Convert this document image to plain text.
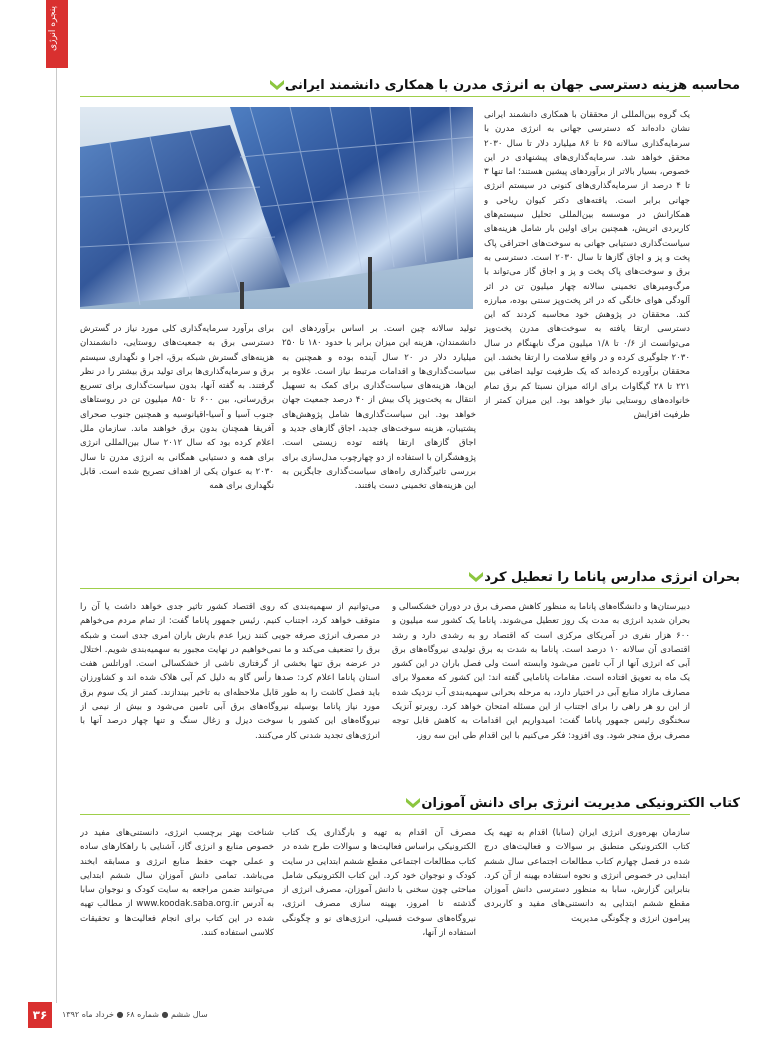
پنجره انرژی
محاسبه هزینه دسترسی جهان به انرژی مدرن با همکاری دانشمند ایرانی
یک گروه بین‌المللی از محققان با همکاری دانشمند ایرانی نشان داده‌اند که دسترسی جهانی به انرژی مدرن با سرمایه‌گذاری سالانه ۶۵ تا ۸۶ میلیارد دلار تا سال ۲۰۳۰ محقق خواهد شد. سرمایه‌گذاری‌های پیشنهادی در این خصوص، بسیار بالاتر از برآوردهای پیشین هستند؛ اما تنها ۳ تا ۴ درصد از سرمایه‌گذاری‌های کنونی در سیستم انرژی جهانی برابر است. یافته‌های دکتر کیوان ریاحی و همکارانش در موسسه بین‌المللی تحلیل سیستم‌های کاربردی اتریش، همچنین برای اولین بار شامل هزینه‌های سیاست‌گذاری دستیابی جهانی به سوخت‌های احتراقی پاک پخت و پز و اجاق گازها تا سال ۲۰۳۰ است. دسترسی به برق و سوخت‌های پاک پخت و پز و اجاق گاز می‌تواند با مرگ‌ومیرهای تخمینی سالانه چهار میلیون تن در اثر آلودگی هوای خانگی که در اثر پخت‌وپز سنتی بوده، مبارزه کند. محققان در پژوهش خود محاسبه کردند که این دسترسی ارتقا یافته به سوخت‌های مدرن پخت‌وپز می‌توانست از ۰/۶ تا ۱/۸ میلیون مرگ نابهنگام در سال ۲۰۳۰ جلوگیری کرده و در واقع سلامت را ارتقا بخشد. این محققان برآورده کرده‌اند که یک ظرفیت تولید اضافی بین ۲۲۱ تا ۲۸ گیگاوات برای ارائه میزان نسبتا کم برق تمام خانواده‌های روستایی نیاز خواهد بود. این میزان کمتر از ظرفیت افزایش
تولید سالانه چین است. بر اساس برآوردهای این دانشمندان، هزینه این میزان برابر با حدود ۱۸۰ تا ۲۵۰ میلیارد دلار در ۲۰ سال آینده بوده و همچنین به سیاست‌گذاری‌ها و اقدامات مرتبط نیاز است. علاوه بر این‌ها، هزینه‌های سیاست‌گذاری برای کمک به تسهیل انتقال به پخت‌وپز پاک بیش از ۴۰ درصد جمعیت جهان خواهد بود. این سیاست‌گذاری‌ها شامل پژوهش‌های پشتیبان، هزینه سوخت‌های جدید، اجاق گازهای جدید و اجاق گازهای ارتقا یافته توده زیستی است. پژوهشگران با استفاده از دو چهارچوب مدل‌سازی برای بررسی تاثیرگذاری راه‌های سیاست‌گذاری جایگزین به این هزینه‌های تخمینی دست یافتند.
برای برآورد سرمایه‌گذاری کلی مورد نیاز در گسترش دسترسی برق به جمعیت‌های روستایی، دانشمندان هزینه‌های گسترش شبکه برق، اجرا و نگهداری سیستم برق و سرمایه‌گذاری‌ها برای تولید برق بیشتر را در نظر گرفتند. به گفته آنها، بدون سیاست‌گذاری برای تسریع برق‌رسانی، بین ۶۰۰ تا ۸۵۰ میلیون تن در روستاهای جنوب آسیا و آسیا-اقیانوسیه و همچنین جنوب صحرای آفریقا همچنان بدون برق خواهند ماند. سازمان ملل اعلام کرده بود که سال ۲۰۱۲ سال بین‌المللی انرژی برای همه و دستیابی همگانی به انرژی مدرن تا سال ۲۰۳۰ به عنوان یکی از اهداف تصریح شده است. قابل نگهداری برای همه
بحران انرژی مدارس پاناما را تعطیل کرد
دبیرستان‌ها و دانشگاه‌های پاناما به منظور کاهش مصرف برق در دوران خشکسالی و بحران شدید انرژی به مدت یک روز تعطیل می‌شوند. پاناما یک کشور سه میلیون و ۶۰۰ هزار نفری در آمریکای مرکزی است که اقتصاد رو به رشدی دارد و رشد اقتصادی آن سالانه ۱۰ درصد است. پاناما به شدت به برق تولیدی نیروگاه‌های برق آبی که انرژی آنها از آب تامین می‌شود وابسته است ولی فصل باران در این کشور یک ماه به تعویق افتاده است. مقامات پانامایی گفته اند: این کشور که معمولا برای مصارف مازاد منابع آبی در اختیار دارد، به مرحله بحرانی سهمیه‌بندی آب نزدیک شده از این رو هر راهی را برای اجتناب از این مسئله امتحان خواهد کرد. روبرتو آنزیک سخنگوی رئیس جمهور پاناما گفت: امیدواریم این اقدامات به کاهش قابل توجه مصرف برق منجر شود. وی افزود: فکر می‌کنیم با این اقدام طی این سه روز،
می‌توانیم از سهمیه‌بندی که روی اقتصاد کشور تاثیر جدی خواهد داشت یا آن را متوقف خواهد کرد، اجتناب کنیم. رئیس جمهور پاناما گفت: از تمام مردم می‌خواهم در مصرف انرژی صرفه جویی کنند زیرا عدم بارش باران امری جدی است و شبکه برق را تضعیف می‌کند و ما نمی‌خواهیم در نهایت مجبور به سهمیه‌بندی شویم. اختلال در عرضه برق تنها بخشی از گرفتاری ناشی از خشکسالی است. اوراتلس هفت استان پاناما اعلام کرد: صدها رأس گاو به دلیل کم آبی هلاک شده اند و کشاورزان باید فصل کاشت را به طور قابل ملاحظه‌ای به تاخیر بیندازند. کمتر از یک سوم برق مورد نیاز پاناما بوسیله نیروگاه‌های برق آبی تامین می‌شود و بیش از نیمی از نیروگاه‌های این کشور با سوخت دیزل و زغال سنگ و تنها چهار درصد آنها با انرژی‌های تجدید شدنی کار می‌کنند.
کتاب الکترونیکی مدیریت انرژی برای دانش آموزان
سازمان بهره‌وری انرژی ایران (سابا) اقدام به تهیه یک کتاب الکترونیکی منطبق بر سوالات و فعالیت‌های درج شده در فصل چهارم کتاب مطالعات اجتماعی سال ششم ابتدایی در خصوص انرژی و نحوه استفاده بهینه از آن کرد. بنابراین گزارش، سابا به منظور دسترسی دانش آموزان مقطع ششم ابتدایی به دانستنی‌های مفید و کاربردی پیرامون انرژی و چگونگی مدیریت
مصرف آن اقدام به تهیه و بارگذاری یک کتاب الکترونیکی براساس فعالیت‌ها و سوالات طرح شده در کتاب مطالعات اجتماعی مقطع ششم ابتدایی در سایت کودک و نوجوان خود کرد. این کتاب الکترونیکی شامل مباحثی چون سخنی با دانش آموزان، مصرف انرژی از گذشته تا امروز، بهینه سازی مصرف انرژی، نیروگاه‌های سوخت فسیلی، انرژی‌های نو و چگونگی استفاده از آنها،
شناخت بهتر برچسب انرژی، دانستنی‌های مفید در خصوص منابع و انرژی گاز، آشنایی با راهکارهای ساده و عملی جهت حفظ منابع انرژی و مسابقه ابخند می‌باشد. تمامی دانش آموزان سال ششم ابتدایی می‌توانند ضمن مراجعه به سایت کودک و نوجوان سابا به آدرس www.koodak.saba.org.ir از مطالب تهیه شده در این کتاب برای انجام فعالیت‌ها و تحقیقات کلاسی استفاده کنند.
۳۶	سال ششم ● شماره ۶۸ ● خرداد ماه ۱۳۹۲
